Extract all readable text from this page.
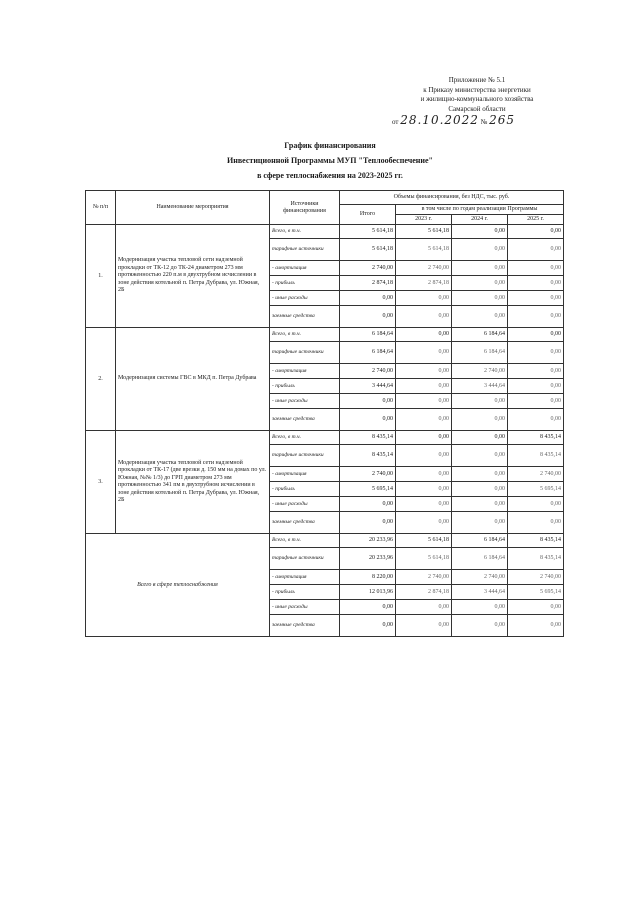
Приложение № 5.1
к Приказу министерства энергетики
и жилищно-коммунального хозяйства
Самарской области
от 28.10.2022 № 265
График финансирования
Инвестиционной Программы МУП "Теплообеспечение"
в сфере теплоснабжения на 2023-2025 гг.
№ п/п	Наименование мероприятия	Источники финансирования	Объемы финансирования, без НДС, тыс. руб.			
			Итого	в том числе по годам реализации Программы		
				2023 г.	2024 г.	2025 г.
1.	Модернизация участка тепловой сети надземной прокладки от ТК-12 до ТК-24 диаметром 273 мм протяженностью 220 п.м в двухтрубном исчислении в зоне действия котельной п. Петра Дубрава, ул. Южная, 2Б	Всего, в т.ч.	5 614,18	5 614,18	0,00	0,00
		тарифные источники	5 614,18	5 614,18	0,00	0,00
		- амортизация	2 740,00	2 740,00	0,00	0,00
		- прибыль	2 874,18	2 874,18	0,00	0,00
		- иные расходы	0,00	0,00	0,00	0,00
		заемные средства	0,00	0,00	0,00	0,00
2.	Модернизация системы ГВС в МКД п. Петра Дубрава	Всего, в т.ч.	6 184,64	0,00	6 184,64	0,00
		тарифные источники	6 184,64	0,00	6 184,64	0,00
		- амортизация	2 740,00	0,00	2 740,00	0,00
		- прибыль	3 444,64	0,00	3 444,64	0,00
		- иные расходы	0,00	0,00	0,00	0,00
		заемные средства	0,00	0,00	0,00	0,00
3.	Модернизация участка тепловой сети надземной прокладки от ТК-17 (две врезки д. 150 мм на домах по ул. Южная, №№ 1/3) до ГРП диаметром 273 мм протяженностью 341 пм в двухтрубном исчислении в зоне действия котельной п. Петра Дубрава, ул. Южная, 2Б	Всего, в т.ч.	8 435,14	0,00	0,00	8 435,14
		тарифные источники	8 435,14	0,00	0,00	8 435,14
		- амортизация	2 740,00	0,00	0,00	2 740,00
		- прибыль	5 695,14	0,00	0,00	5 695,14
		- иные расходы	0,00	0,00	0,00	0,00
		заемные средства	0,00	0,00	0,00	0,00
Всего в сфере теплоснабжения		Всего, в т.ч.	20 233,96	5 614,18	6 184,64	8 435,14
		тарифные источники	20 233,96	5 614,18	6 184,64	8 435,14
		- амортизация	8 220,00	2 740,00	2 740,00	2 740,00
		- прибыль	12 013,96	2 874,18	3 444,64	5 695,14
		- иные расходы	0,00	0,00	0,00	0,00
		заемные средства	0,00	0,00	0,00	0,00
